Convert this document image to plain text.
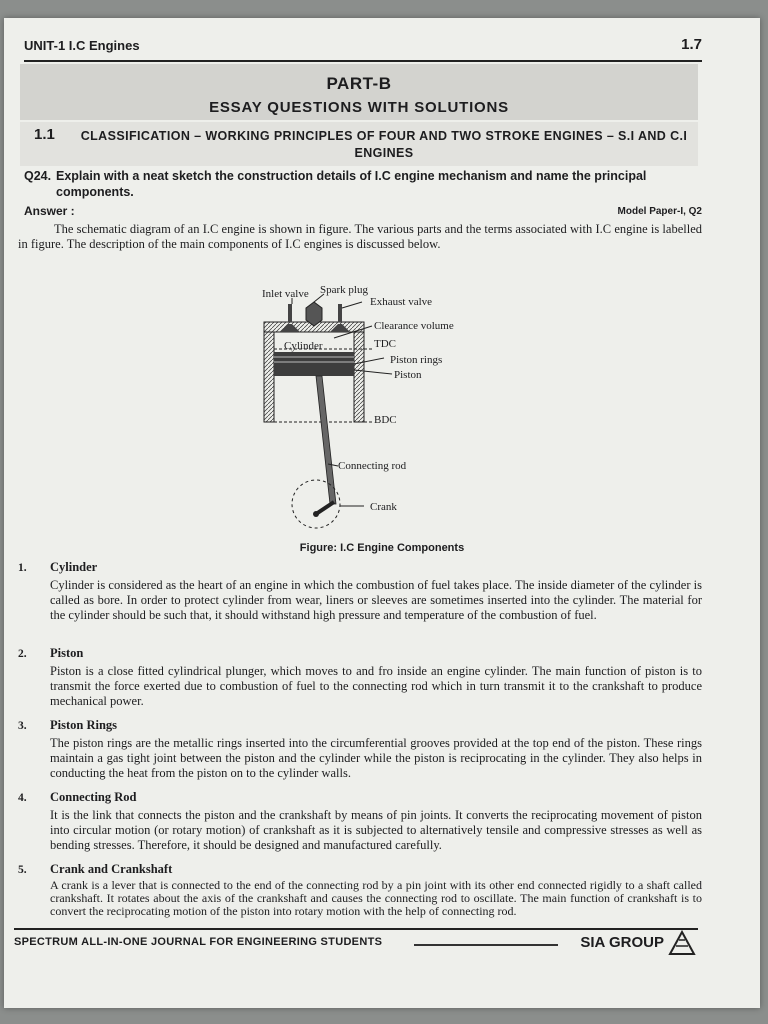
UNIT-1 I.C Engines	1.7
PART-B
ESSAY QUESTIONS WITH SOLUTIONS
1.1 CLASSIFICATION – WORKING PRINCIPLES OF FOUR AND TWO STROKE ENGINES – S.I AND C.I ENGINES
Q24. Explain with a neat sketch the construction details of I.C engine mechanism and name the principal components.
Answer :	Model Paper-I, Q2
The schematic diagram of an I.C engine is shown in figure. The various parts and the terms associated with I.C engine is labelled in figure. The description of the main components of I.C engines is discussed below.
Inlet valve Spark plug
Exhaust valve
Clearance volume
Cylinder	TDC
Piston rings
Piston
BDC
Connecting rod
Crank
Figure: I.C Engine Components
1. Cylinder
Cylinder is considered as the heart of an engine in which the combustion of fuel takes place. The inside diameter of the cylinder is called as bore. In order to protect cylinder from wear, liners or sleeves are sometimes inserted into the cylinder. The material for the cylinder should be such that, it should withstand high pressure and temperature of the combustion of fuel.
2. Piston
Piston is a close fitted cylindrical plunger, which moves to and fro inside an engine cylinder. The main function of piston is to transmit the force exerted due to combustion of fuel to the connecting rod which in turn transmit it to the crankshaft to produce mechanical power.
3. Piston Rings
The piston rings are the metallic rings inserted into the circumferential grooves provided at the top end of the piston. These rings maintain a gas tight joint between the piston and the cylinder while the piston is reciprocating in the cylinder. They also helps in conducting the heat from the piston on to the cylinder walls.
4. Connecting Rod
It is the link that connects the piston and the crankshaft by means of pin joints. It converts the reciprocating movement of piston into circular motion (or rotary motion) of crankshaft as it is subjected to alternatively tensile and compressive stresses as well as bending stresses. Therefore, it should be designed and manufactured carefully.
5. Crank and Crankshaft
A crank is a lever that is connected to the end of the connecting rod by a pin joint with its other end connected rigidly to a shaft called crankshaft. It rotates about the axis of the crankshaft and causes the connecting rod to oscillate. The main function of crankshaft is to convert the reciprocating motion of the piston into rotary motion with the help of connecting rod.
SPECTRUM ALL-IN-ONE JOURNAL FOR ENGINEERING STUDENTS	SIA GROUP
